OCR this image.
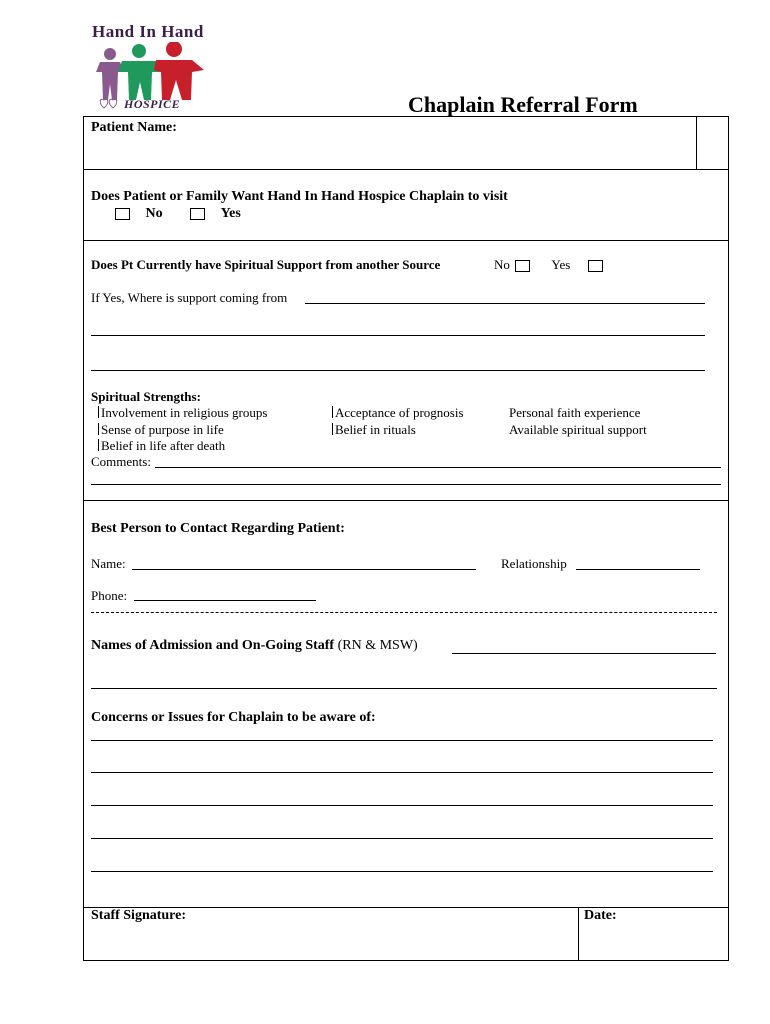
Hand In Hand
HOSPICE	Chaplain Referral Form
Patient Name:
Does Patient or Family Want Hand In Hand Hospice Chaplain to visit
No	Yes
Does Pt Currently have Spiritual Support from another Source	No	Yes
If Yes, Where is support coming from
Spiritual Strengths:
Involvement in religious groups
Sense of purpose in life
Belief in life after death
Acceptance of prognosis
Belief in rituals
Personal faith experience
Available spiritual support
Comments:
Best Person to Contact Regarding Patient:
Name:	Relationship
Phone:
Names of Admission and On-Going Staff (RN & MSW)
Concerns or Issues for Chaplain to be aware of:
Staff Signature:	Date:
